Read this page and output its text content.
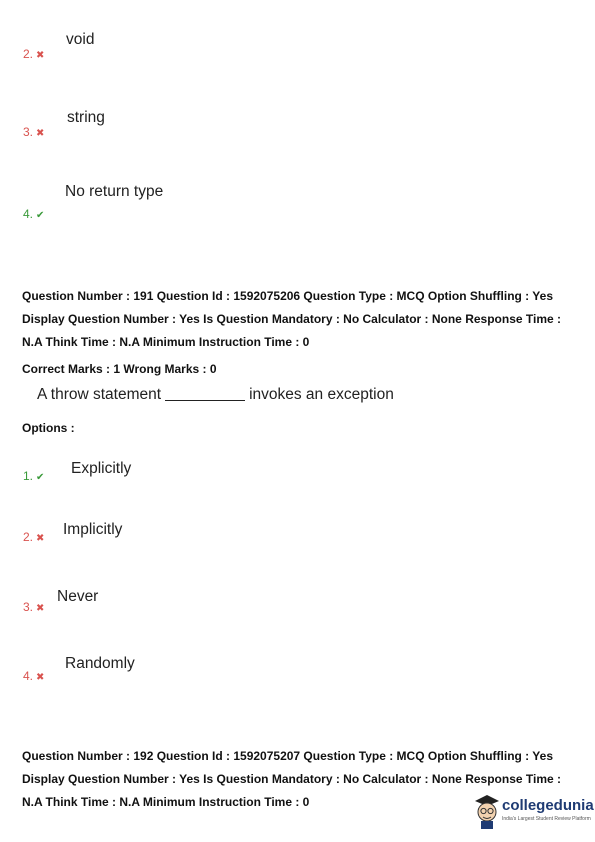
2. ✖
void
3. ✖
string
4. ✔
No return type
Question Number : 191 Question Id : 1592075206 Question Type : MCQ Option Shuffling : Yes Display Question Number : Yes Is Question Mandatory : No Calculator : None Response Time : N.A Think Time : N.A Minimum Instruction Time : 0
Correct Marks : 1 Wrong Marks : 0
A throw statement	invokes an exception
Options :
1. ✔
Explicitly
2. ✖
Implicitly
3. ✖
Never
4. ✖
Randomly
Question Number : 192 Question Id : 1592075207 Question Type : MCQ Option Shuffling : Yes Display Question Number : Yes Is Question Mandatory : No Calculator : None Response Time : N.A Think Time : N.A Minimum Instruction Time : 0	collegedunia
India's Largest Student Review Platform
